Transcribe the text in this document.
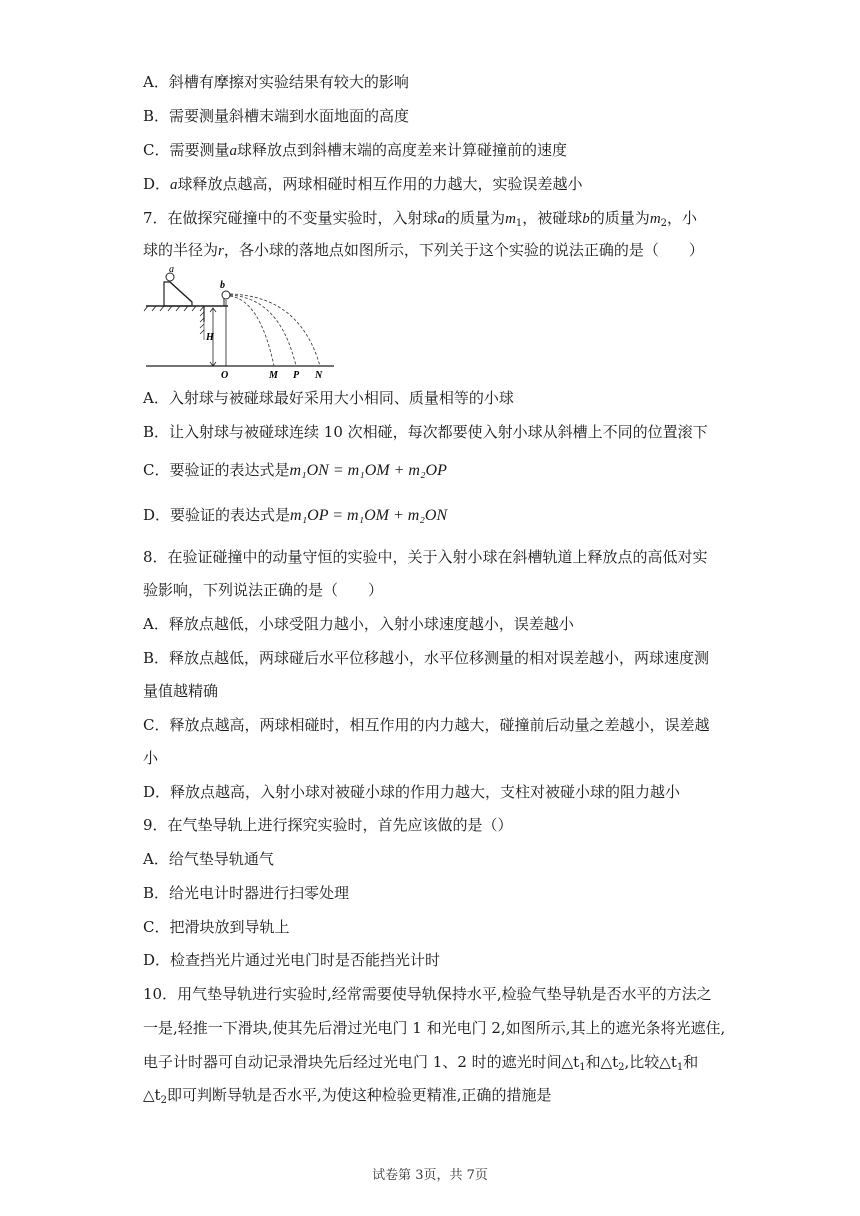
A．斜槽有摩擦对实验结果有较大的影响
B．需要测量斜槽末端到水面地面的高度
C．需要测量a球释放点到斜槽末端的高度差来计算碰撞前的速度
D．a球释放点越高，两球相碰时相互作用的力越大，实验误差越小
7．在做探究碰撞中的不变量实验时，入射球a的质量为$m_1$，被碰球b的质量为$m_2$，小
球的半径为r，各小球的落地点如图所示，下列关于这个实验的说法正确的是（　　）
a
b
H
O	M P N
A．入射球与被碰球最好采用大小相同、质量相等的小球
B．让入射球与被碰球连续 10 次相碰，每次都要使入射小球从斜槽上不同的位置滚下
C．要验证的表达式是m₁ON = m₁OM + m₂OP
D．要验证的表达式是m₁OP = m₁OM + m₂ON
8．在验证碰撞中的动量守恒的实验中，关于入射小球在斜槽轨道上释放点的高低对实
验影响，下列说法正确的是（　　）
A．释放点越低，小球受阻力越小，入射小球速度越小，误差越小
B．释放点越低，两球碰后水平位移越小，水平位移测量的相对误差越小，两球速度测
量值越精确
C．释放点越高，两球相碰时，相互作用的内力越大，碰撞前后动量之差越小，误差越
小
D．释放点越高，入射小球对被碰小球的作用力越大，支柱对被碰小球的阻力越小
9．在气垫导轨上进行探究实验时，首先应该做的是（）
A．给气垫导轨通气
B．给光电计时器进行扫零处理
C．把滑块放到导轨上
D．检查挡光片通过光电门时是否能挡光计时
10．用气垫导轨进行实验时,经常需要使导轨保持水平,检验气垫导轨是否水平的方法之
一是,轻推一下滑块,使其先后滑过光电门 1 和光电门 2,如图所示,其上的遮光条将光遮住,
电子计时器可自动记录滑块先后经过光电门 1、2 时的遮光时间$\triangle t_1$和$\triangle t_2$,比较$\triangle t_1$和
$\triangle t_2$即可判断导轨是否水平,为使这种检验更精准,正确的措施是
试卷第 3页，共 7页
